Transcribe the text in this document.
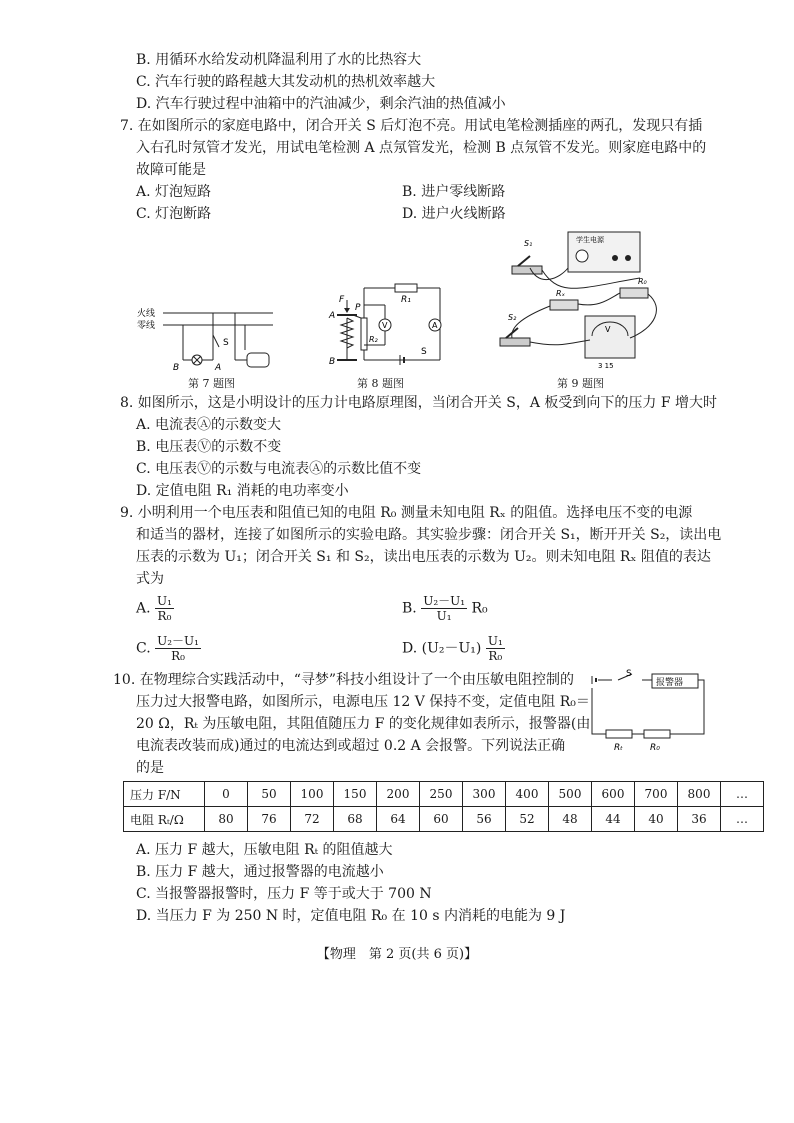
B. 用循环水给发动机降温利用了水的比热容大
C. 汽车行驶的路程越大其发动机的热机效率越大
D. 汽车行驶过程中油箱中的汽油减少，剩余汽油的热值减小
7. 在如图所示的家庭电路中，闭合开关 S 后灯泡不亮。用试电笔检测插座的两孔，发现只有插
入右孔时氖管才发光，用试电笔检测 A 点氖管发光，检测 B 点氖管不发光。则家庭电路中的
故障可能是
A. 灯泡短路	B. 进户零线断路
C. 灯泡断路	D. 进户火线断路
火线
零线
S
A
B
第 7 题图
F
A
B
P
R₁
R₂
V	A
S
第 8 题图
学生电源
S₁
Rₓ
R₀
S₂
V
3 15
第 9 题图
8. 如图所示，这是小明设计的压力计电路原理图，当闭合开关 S，A 板受到向下的压力 F 增大时
A. 电流表Ⓐ的示数变大
B. 电压表Ⓥ的示数不变
C. 电压表Ⓥ的示数与电流表Ⓐ的示数比值不变
D. 定值电阻 R₁ 消耗的电功率变小
9. 小明利用一个电压表和阻值已知的电阻 R₀ 测量未知电阻 Rₓ 的阻值。选择电压不变的电源
和适当的器材，连接了如图所示的实验电路。其实验步骤：闭合开关 S₁，断开开关 S₂，读出电
压表的示数为 U₁；闭合开关 S₁ 和 S₂，读出电压表的示数为 U₂。则未知电阻 Rₓ 阻值的表达
式为
A. $\frac{\text{U₁}}{\text{R₀}}$	B. $\frac{\text{U₂－U₁}}{\text{U₁}} R_0$
C. $\frac{\text{U₂－U₁}}{\text{R₀}}$	D. $(U_2-U_1) \frac{\text{U₁}}{\text{R₀}}$
10. 在物理综合实践活动中，“寻梦”科技小组设计了一个由压敏电阻控制的
压力过大报警电路，如图所示，电源电压 12 V 保持不变，定值电阻 R₀＝
20 Ω，Rₜ 为压敏电阻，其阻值随压力 F 的变化规律如表所示，报警器(由
电流表改装而成)通过的电流达到或超过 0.2 A 会报警。下列说法正确
的是
S
报警器
Rₜ	R₀
压力 F/N	0	50	100	150	200	250	300	400	500	600	700	800	…
电阻 Rₜ/Ω	80	76	72	68	64	60	56	52	48	44	40	36	…
A. 压力 F 越大，压敏电阻 Rₜ 的阻值越大
B. 压力 F 越大，通过报警器的电流越小
C. 当报警器报警时，压力 F 等于或大于 700 N
D. 当压力 F 为 250 N 时，定值电阻 R₀ 在 10 s 内消耗的电能为 9 J
【物理　第 2 页(共 6 页)】
